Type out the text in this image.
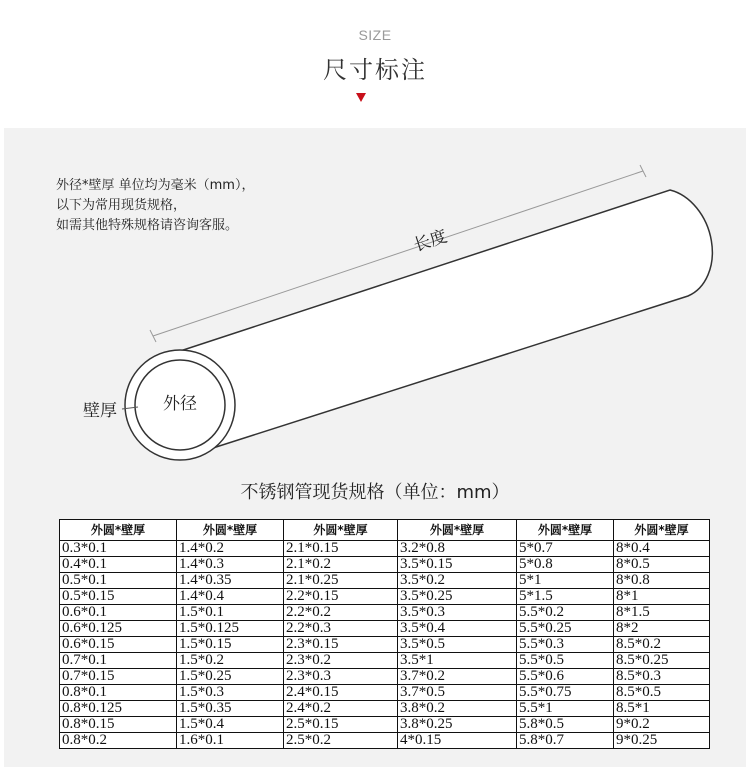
SIZE
尺寸标注
外径*壁厚 单位均为毫米（mm），
以下为常用现货规格，
如需其他特殊规格请咨询客服。
长度
壁厚	外径
不锈钢管现货规格（单位：mm）
外圆*壁厚	外圆*壁厚	外圆*壁厚	外圆*壁厚	外圆*壁厚	外圆*壁厚
0.3*0.1	1.4*0.2	2.1*0.15	3.2*0.8	5*0.7	8*0.4
0.4*0.1	1.4*0.3	2.1*0.2	3.5*0.15	5*0.8	8*0.5
0.5*0.1	1.4*0.35	2.1*0.25	3.5*0.2	5*1	8*0.8
0.5*0.15	1.4*0.4	2.2*0.15	3.5*0.25	5*1.5	8*1
0.6*0.1	1.5*0.1	2.2*0.2	3.5*0.3	5.5*0.2	8*1.5
0.6*0.125	1.5*0.125	2.2*0.3	3.5*0.4	5.5*0.25	8*2
0.6*0.15	1.5*0.15	2.3*0.15	3.5*0.5	5.5*0.3	8.5*0.2
0.7*0.1	1.5*0.2	2.3*0.2	3.5*1	5.5*0.5	8.5*0.25
0.7*0.15	1.5*0.25	2.3*0.3	3.7*0.2	5.5*0.6	8.5*0.3
0.8*0.1	1.5*0.3	2.4*0.15	3.7*0.5	5.5*0.75	8.5*0.5
0.8*0.125	1.5*0.35	2.4*0.2	3.8*0.2	5.5*1	8.5*1
0.8*0.15	1.5*0.4	2.5*0.15	3.8*0.25	5.8*0.5	9*0.2
0.8*0.2	1.6*0.1	2.5*0.2	4*0.15	5.8*0.7	9*0.25
